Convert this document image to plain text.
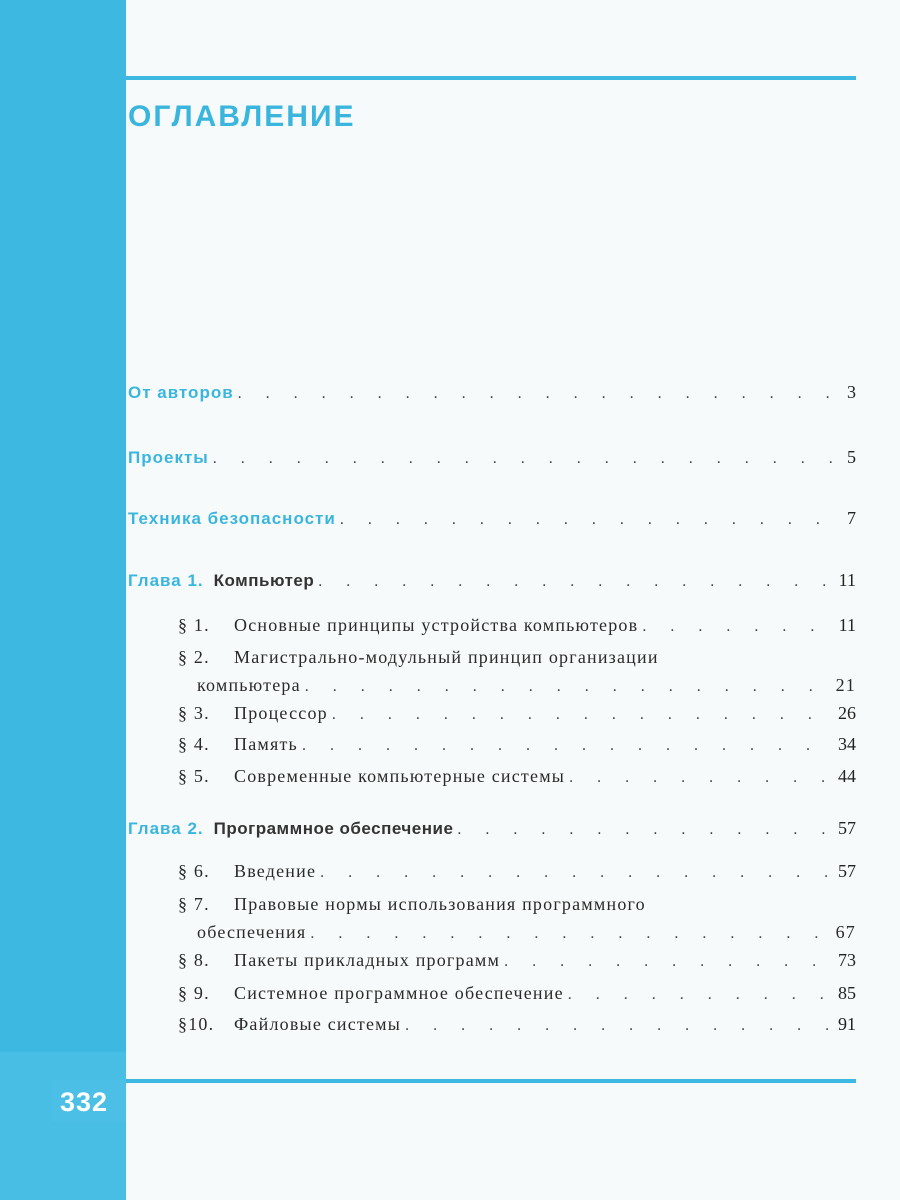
ОГЛАВЛЕНИЕ
От авторов . . .	3
Проекты . . .	5
Техника безопасности . . .	7
Глава 1. Компьютер . . .	11
§ 1. Основные принципы устройства компьютеров . . .	11
§ 2. Магистрально-модульный принцип организации
компьютера . . .	21
§ 3. Процессор . . .	26
§ 4. Память . . .	34
§ 5. Современные компьютерные системы . . .	44
Глава 2. Программное обеспечение . . .	57
§ 6. Введение . . .	57
§ 7. Правовые нормы использования программного
обеспечения . . .	67
§ 8. Пакеты прикладных программ . . .	73
§ 9. Системное программное обеспечение . . .	85
§10. Файловые системы . . .	91
332
